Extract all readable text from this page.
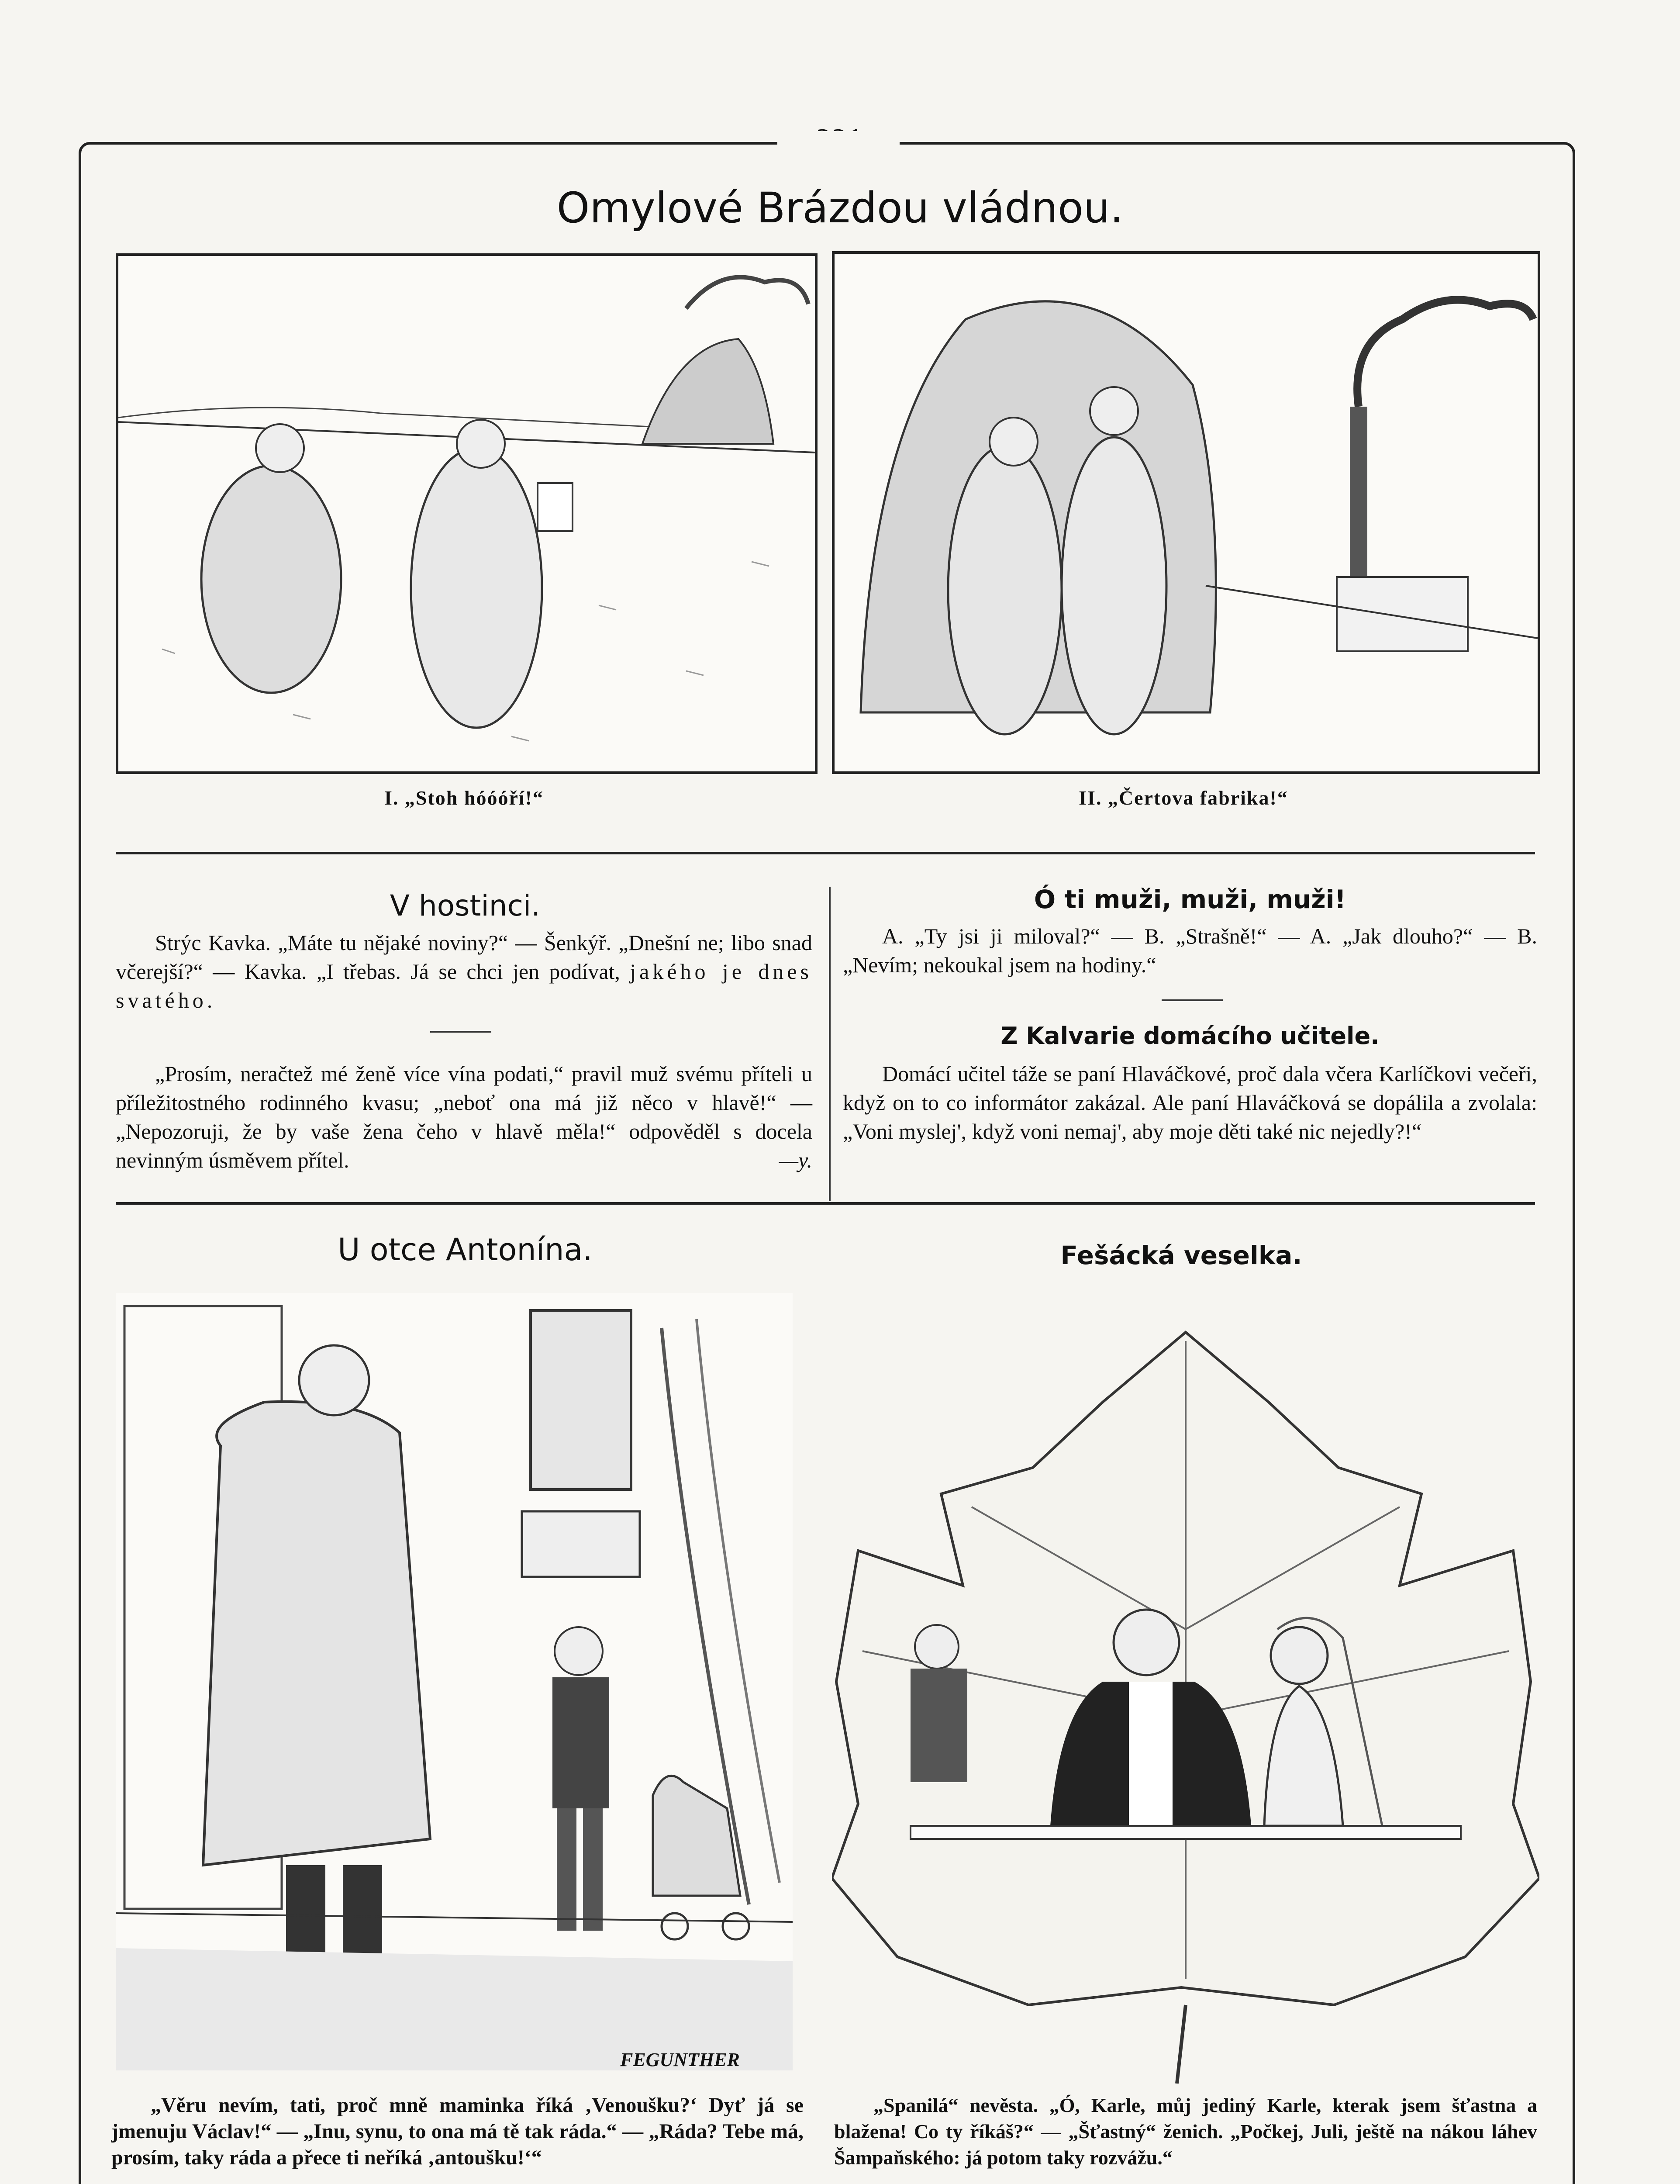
Omylové Brázdou vládnou.
I. „Stoh hóóóří!“	II. „Čertova fabrika!“
V hostinci.

Strýc Kavka. „Máte tu nějaké noviny?“ — Šenkýř. „Dnešní ne; libo snad včerejší?“ — Kavka. „I třebas. Já se chci jen podívat, jakého je dnes svatého.

„Prosím, neračtež mé ženě více vína podati,“ pravil muž svému příteli u příležitostného rodinného kvasu; „neboť ona má již něco v hlavě!“ — „Nepozoruji, že by vaše žena čeho v hlavě měla!“ odpověděl s docela nevinným úsměvem přítel.	—y.

Ó ti muži, muži, muži!

A. „Ty jsi ji miloval?“ — B. „Strašně!“ — A. „Jak dlouho?“ — B. „Nevím; nekoukal jsem na hodiny.“

Z Kalvarie domácího učitele.

Domácí učitel táže se paní Hlaváčkové, proč dala včera Karlíčkovi večeři, když on to co informátor zakázal. Ale paní Hlaváčková se dopálila a zvolala: „Voni myslej', když voni nemaj', aby moje děti také nic nejedly?!“

U otce Antonína.
FEGUNTHER

„Věru nevím, tati, proč mně maminka říká ‚Venoušku?‘ Dyť já se jmenuju Václav!“ — „Inu, synu, to ona má tě tak ráda.“ — „Ráda? Tebe má, prosím, taky ráda a přece ti neříká ‚antoušku!‘“

Fešácká veselka.

„Spanilá“ nevěsta. „Ó, Karle, můj jediný Karle, kterak jsem šťastna a blažena! Co ty říkáš?“ — „Šťastný“ ženich. „Počkej, Juli, ještě na nákou láhev Šampaňského: já potom taky rozvážu.“
